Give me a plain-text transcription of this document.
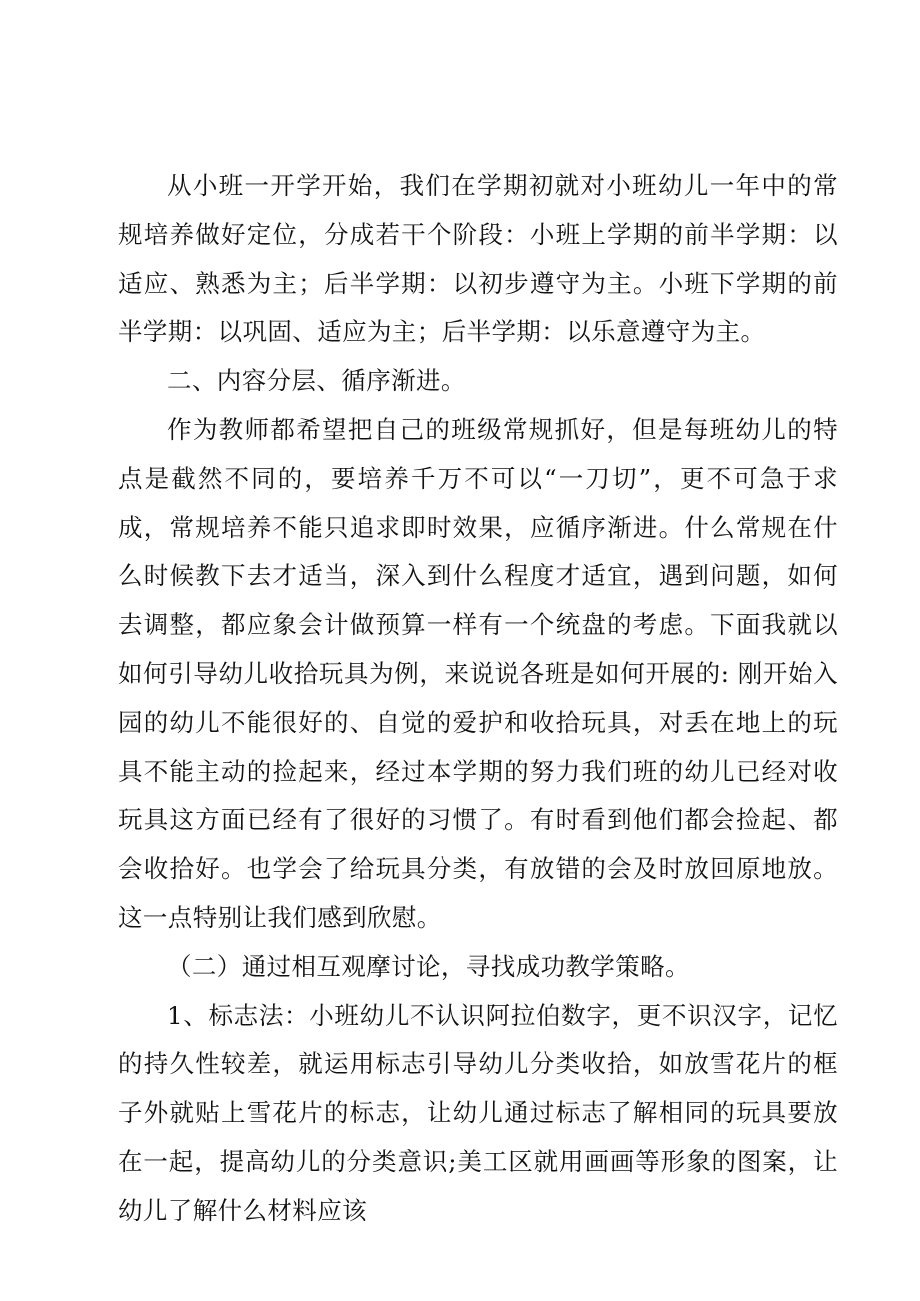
从小班一开学开始，我们在学期初就对小班幼儿一年中的常规培养做好定位，分成若干个阶段：小班上学期的前半学期：以适应、熟悉为主；后半学期：以初步遵守为主。小班下学期的前半学期：以巩固、适应为主；后半学期：以乐意遵守为主。

二、内容分层、循序渐进。

作为教师都希望把自己的班级常规抓好，但是每班幼儿的特点是截然不同的，要培养千万不可以“一刀切”，更不可急于求成，常规培养不能只追求即时效果，应循序渐进。什么常规在什么时候教下去才适当，深入到什么程度才适宜，遇到问题，如何去调整，都应象会计做预算一样有一个统盘的考虑。下面我就以如何引导幼儿收拾玩具为例，来说说各班是如何开展的: 刚开始入园的幼儿不能很好的、自觉的爱护和收拾玩具，对丢在地上的玩具不能主动的捡起来，经过本学期的努力我们班的幼儿已经对收玩具这方面已经有了很好的习惯了。有时看到他们都会捡起、都会收拾好。也学会了给玩具分类，有放错的会及时放回原地放。这一点特别让我们感到欣慰。

（二）通过相互观摩讨论，寻找成功教学策略。

1、标志法：小班幼儿不认识阿拉伯数字，更不识汉字，记忆的持久性较差，就运用标志引导幼儿分类收拾，如放雪花片的框子外就贴上雪花片的标志，让幼儿通过标志了解相同的玩具要放在一起，提高幼儿的分类意识;美工区就用画画等形象的图案，让幼儿了解什么材料应该
